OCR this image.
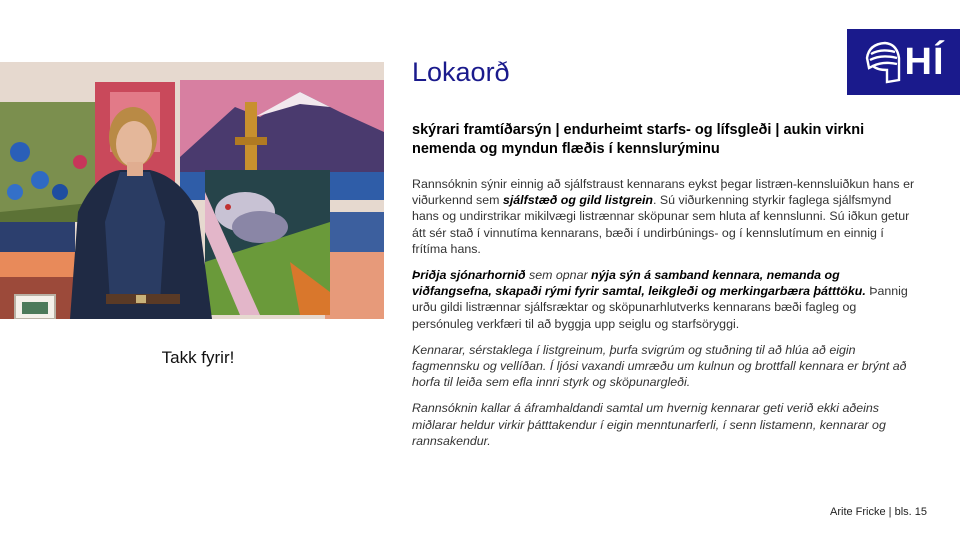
Takk fyrir!
HÍ
Lokaorð
skýrari framtíðarsýn | endurheimt starfs- og lífsgleði | aukin virkni nemenda og myndun flæðis í kennslurýminu

Rannsóknin sýnir einnig að sjálfstraust kennarans eykst þegar listræn-kennsluiðkun hans er viðurkennd sem sjálfstæð og gild listgrein. Sú viðurkenning styrkir faglega sjálfsmynd hans og undirstrikar mikilvægi listrænnar sköpunar sem hluta af kennslunni. Sú iðkun getur átt sér stað í vinnutíma kennarans, bæði í undirbúnings- og í kennslutímum en einnig í frítíma hans.

Þriðja sjónarhornið sem opnar nýja sýn á samband kennara, nemanda og viðfangsefna, skapaði rými fyrir samtal, leikgleði og merkingarbæra þátttöku. Þannig urðu gildi listrænnar sjálfsræktar og sköpunarhlutverks kennarans bæði fagleg og persónuleg verkfæri til að byggja upp seiglu og starfsöryggi.

Kennarar, sérstaklega í listgreinum, þurfa svigrúm og stuðning til að hlúa að eigin fagmennsku og vellíðan. Í ljósi vaxandi umræðu um kulnun og brottfall kennara er brýnt að horfa til leiða sem efla innri styrk og sköpunargleði.

Rannsóknin kallar á áframhaldandi samtal um hvernig kennarar geti verið ekki aðeins miðlarar heldur virkir þátttakendur í eigin menntunarferli, í senn listamenn, kennarar og rannsakendur.

Arite Fricke | bls. 15
